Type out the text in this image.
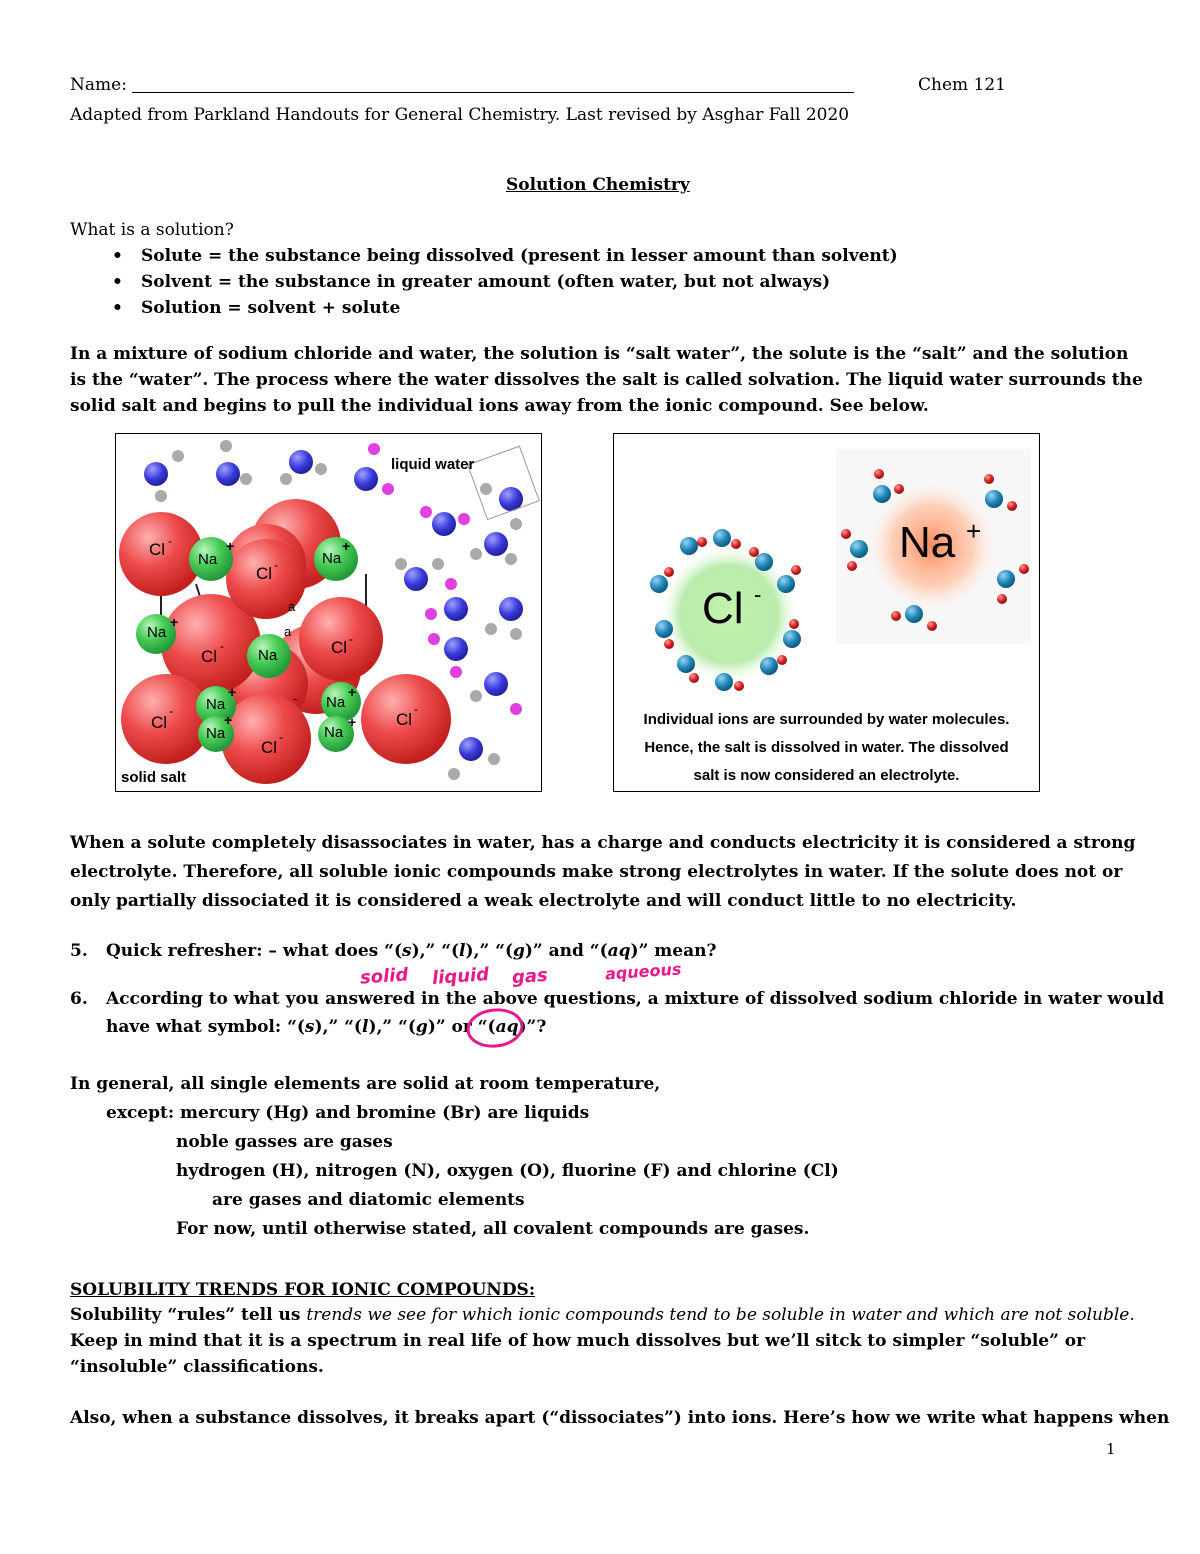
Name:	Chem 121
Adapted from Parkland Handouts for General Chemistry. Last revised by Asghar Fall 2020
Solution Chemistry
What is a solution?
• Solute = the substance being dissolved (present in lesser amount than solvent)
• Solvent = the substance in greater amount (often water, but not always)
• Solution = solvent + solute
In a mixture of sodium chloride and water, the solution is “salt water”, the solute is the “salt” and the solution is the “water”. The process where the water dissolves the salt is called solvation. The liquid water surrounds the solid salt and begins to pull the individual ions away from the ionic compound. See below.
Cl -
Na
+
Cl -	Na
+
Na
+
Cl
-
Na
a
a
Cl -
Na
+
Na
+
Cl
-
Cl
-
- Na
+
Na
+ Cl
-
liquid water
solid salt
Cl -
Na +
Individual ions are surrounded by water molecules.
Hence, the salt is dissolved in water. The dissolved
salt is now considered an electrolyte.
When a solute completely disassociates in water, has a charge and conducts electricity it is considered a strong electrolyte. Therefore, all soluble ionic compounds make strong electrolytes in water. If the solute does not or only partially dissociated it is considered a weak electrolyte and will conduct little to no electricity.
5. Quick refresher: – what does “(s),” “(l),” “(g)” and “(aq)” mean?
solid liquid gas	aqueous
6. According to what you answered in the above questions, a mixture of dissolved sodium chloride in water would
have what symbol: “(s),” “(l),” “(g)” or “(aq)”?
In general, all single elements are solid at room temperature,
except: mercury (Hg) and bromine (Br) are liquids
noble gasses are gases
hydrogen (H), nitrogen (N), oxygen (O), fluorine (F) and chlorine (Cl)
are gases and diatomic elements
For now, until otherwise stated, all covalent compounds are gases.
SOLUBILITY TRENDS FOR IONIC COMPOUNDS:
Solubility “rules” tell us trends we see for which ionic compounds tend to be soluble in water and which are not soluble. Keep in mind that it is a spectrum in real life of how much dissolves but we’ll sitck to simpler “soluble” or “insoluble” classifications.
Also, when a substance dissolves, it breaks apart (“dissociates”) into ions. Here’s how we write what happens when
1
